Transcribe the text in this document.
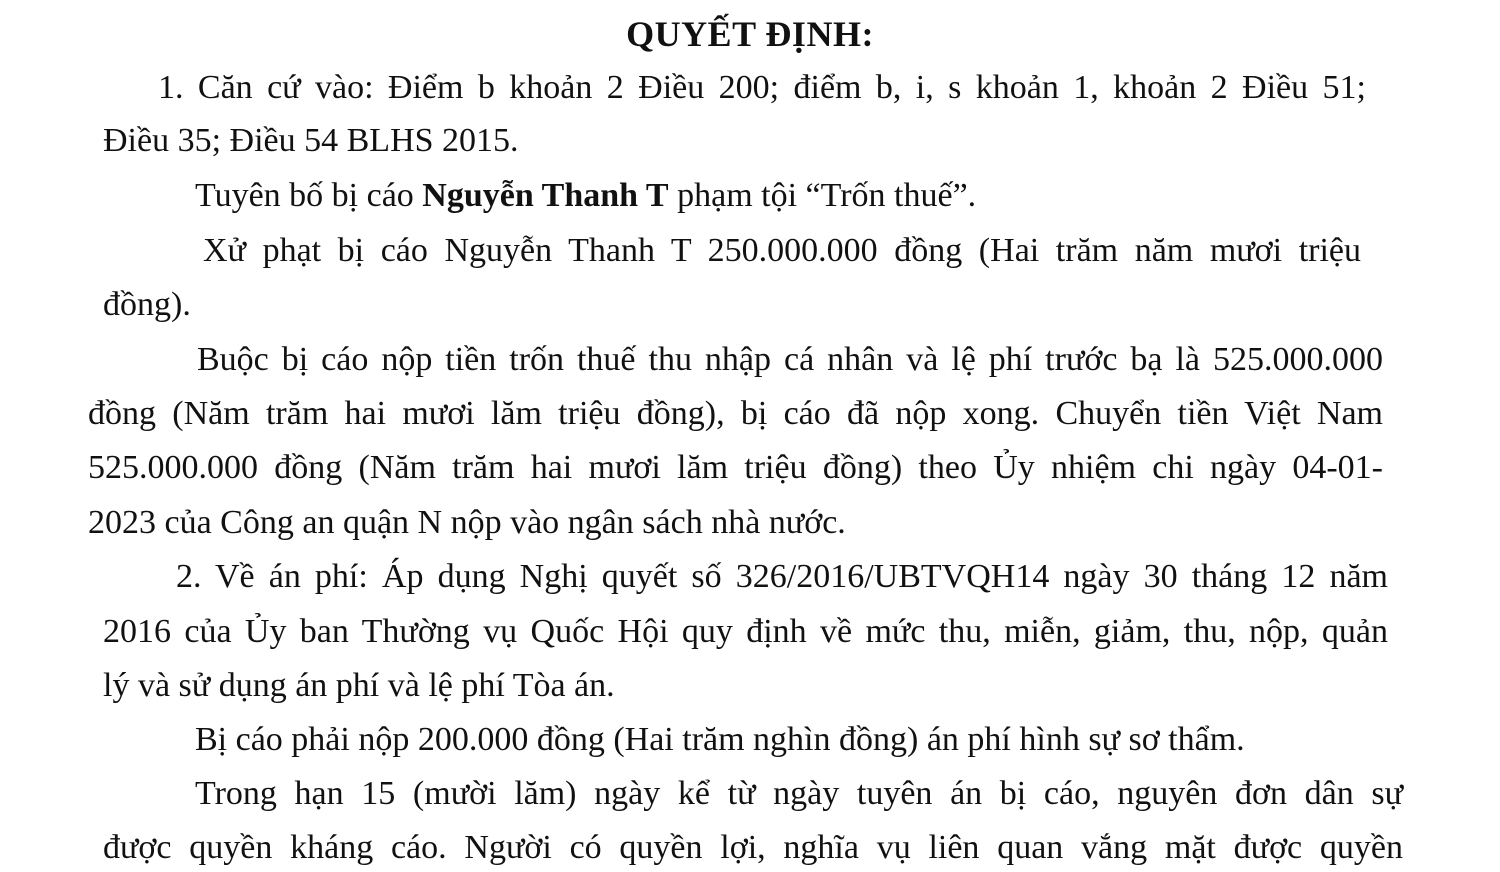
QUYẾT ĐỊNH:
1. Căn cứ vào: Điểm b khoản 2 Điều 200; điểm b, i, s khoản 1, khoản 2 Điều 51;
Điều 35; Điều 54 BLHS 2015.
Tuyên bố bị cáo Nguyễn Thanh T phạm tội “Trốn thuế”.
Xử phạt bị cáo Nguyễn Thanh T 250.000.000 đồng (Hai trăm năm mươi triệu
đồng).
Buộc bị cáo nộp tiền trốn thuế thu nhập cá nhân và lệ phí trước bạ là 525.000.000
đồng (Năm trăm hai mươi lăm triệu đồng), bị cáo đã nộp xong. Chuyển tiền Việt Nam
525.000.000 đồng (Năm trăm hai mươi lăm triệu đồng) theo Ủy nhiệm chi ngày 04-01-
2023 của Công an quận N nộp vào ngân sách nhà nước.
2. Về án phí: Áp dụng Nghị quyết số 326/2016/UBTVQH14 ngày 30 tháng 12 năm
2016 của Ủy ban Thường vụ Quốc Hội quy định về mức thu, miễn, giảm, thu, nộp, quản
lý và sử dụng án phí và lệ phí Tòa án.
Bị cáo phải nộp 200.000 đồng (Hai trăm nghìn đồng) án phí hình sự sơ thẩm.
Trong hạn 15 (mười lăm) ngày kể từ ngày tuyên án bị cáo, nguyên đơn dân sự
được quyền kháng cáo. Người có quyền lợi, nghĩa vụ liên quan vắng mặt được quyền
